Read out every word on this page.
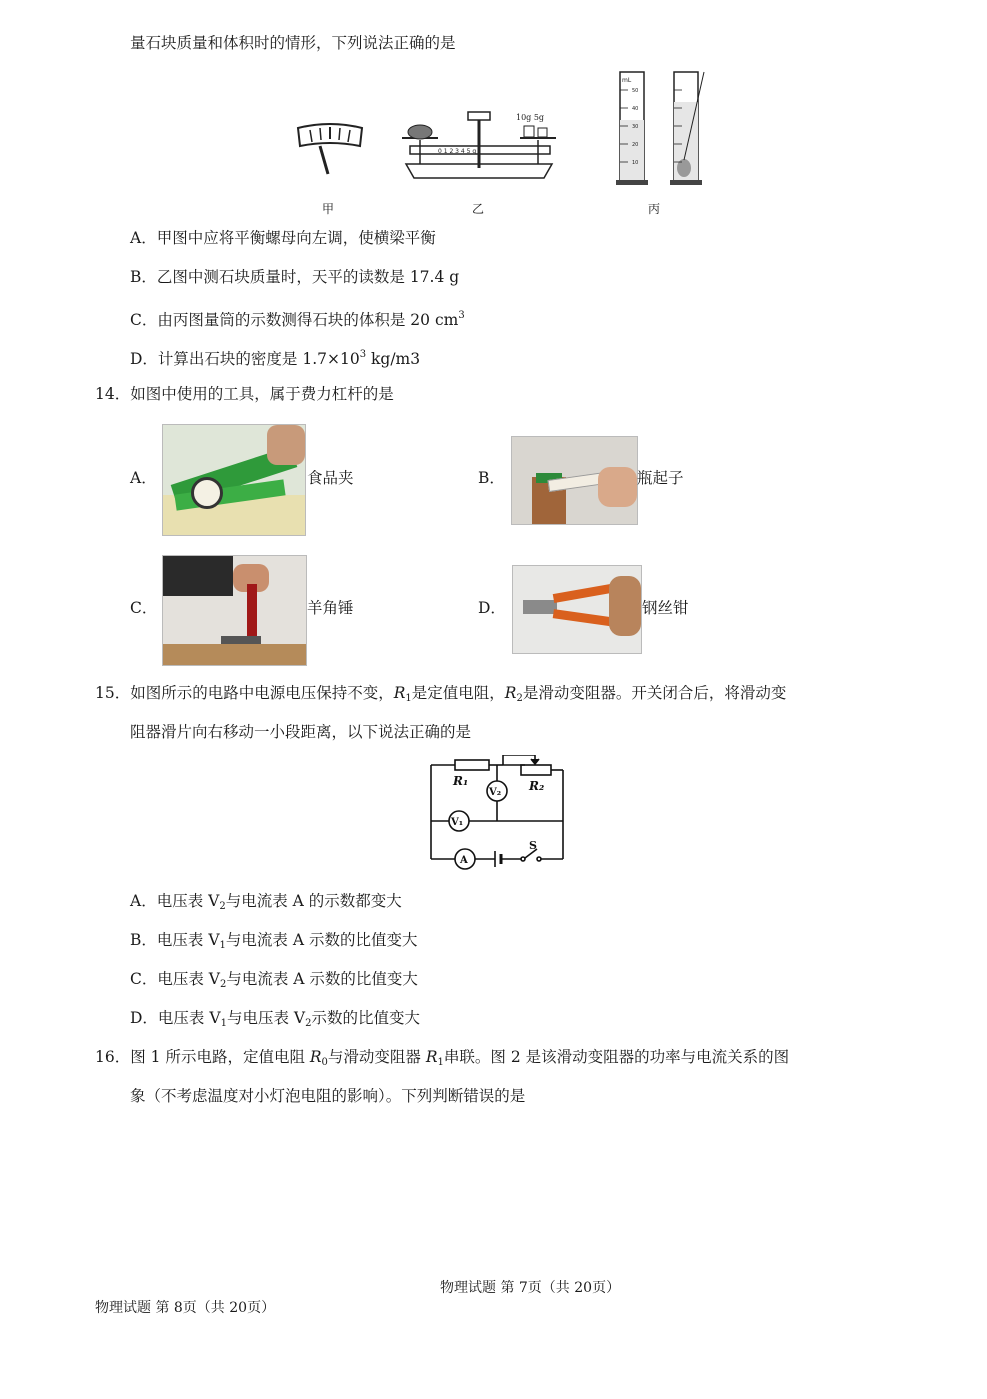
量石块质量和体积时的情形，下列说法正确的是
甲
0 1 2 3 4 5 g
10g 5g
乙
mL
50
40
30
20
10
丙
A．甲图中应将平衡螺母向左调，使横梁平衡
B．乙图中测石块质量时，天平的读数是 17.4 g
C．由丙图量筒的示数测得石块的体积是 20 $cm^3$
D．计算出石块的密度是 $1.7\times 10^3$ kg/m3
14．如图中使用的工具，属于费力杠杆的是
A．	食品夹	B．	瓶起子
C．	羊角锤	D．	钢丝钳
15．如图所示的电路中电源电压保持不变，$R_1$是定值电阻，$R_2$是滑动变阻器。开关闭合后，将滑动变
阻器滑片向右移动一小段距离，以下说法正确的是
R₁	R₂
V₂
V₁
A
S
A．电压表 $V_2$与电流表 A 的示数都变大
B．电压表 $V_1$与电流表 A 示数的比值变大
C．电压表 $V_2$与电流表 A 示数的比值变大
D．电压表 $V_1$与电压表 $V_2$示数的比值变大
16．图 1 所示电路，定值电阻 $R_0$与滑动变阻器 $R_1$串联。图 2 是该滑动变阻器的功率与电流关系的图
象（不考虑温度对小灯泡电阻的影响）。下列判断错误的是
物理试题 第 7页（共 20页）
物理试题 第 8页（共 20页）
